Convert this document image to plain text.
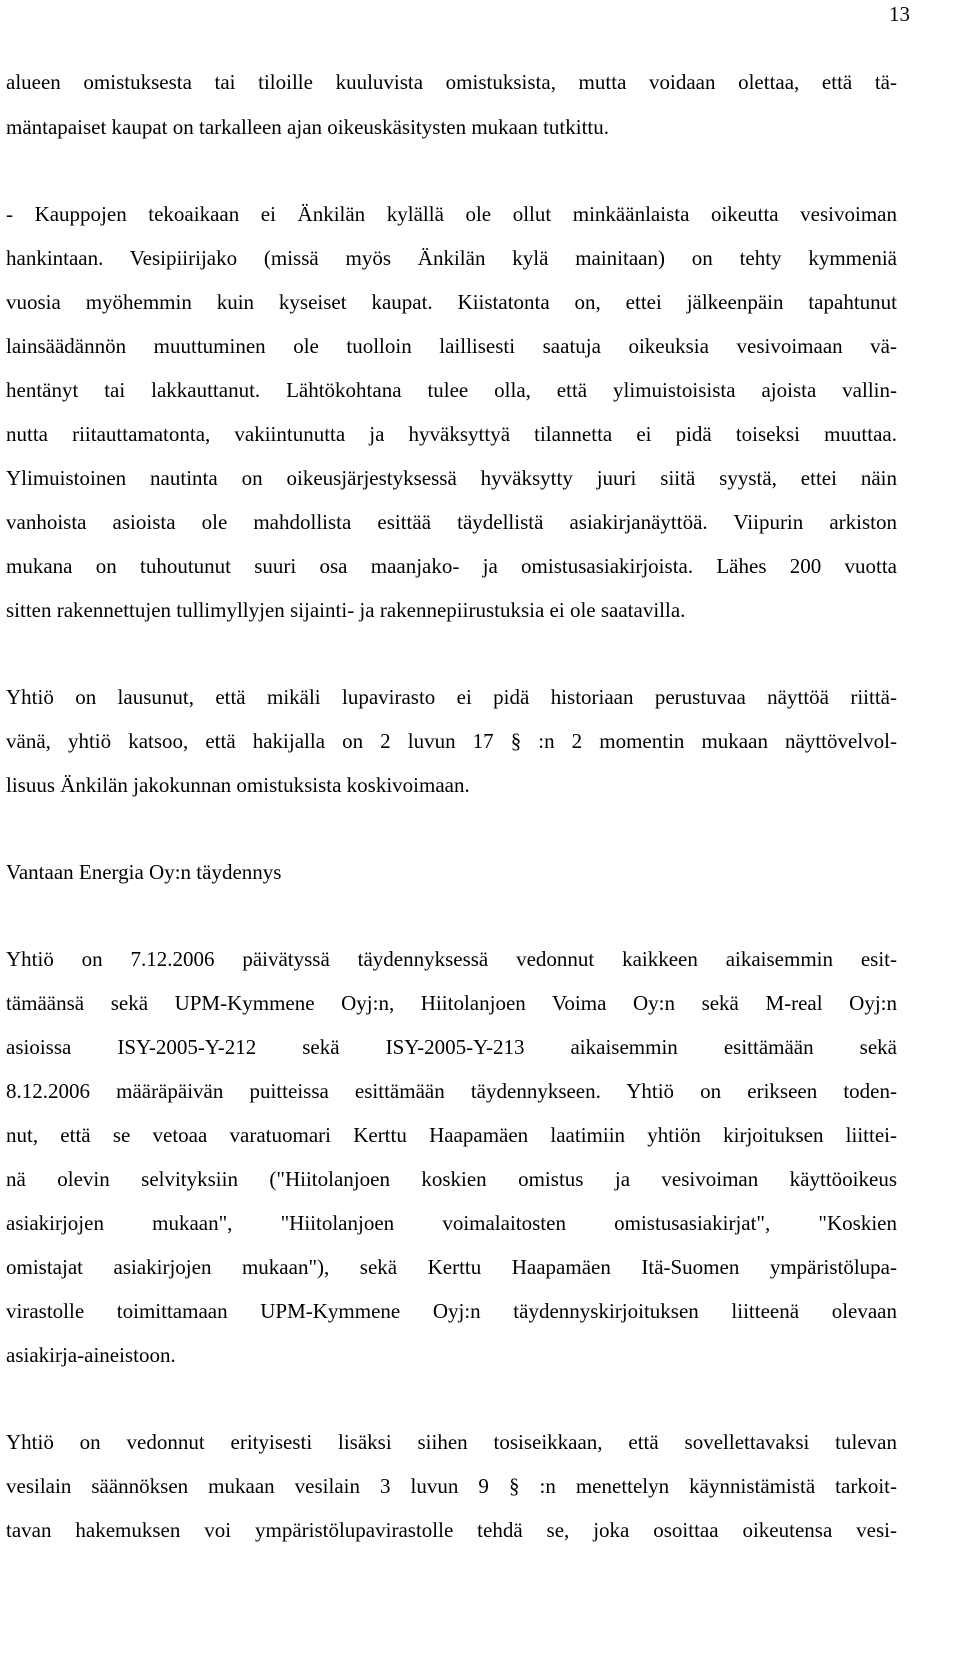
13
alueen omistuksesta tai tiloille kuuluvista omistuksista, mutta voidaan olettaa, että tä-
mäntapaiset kaupat on tarkalleen ajan oikeuskäsitysten mukaan tutkittu.
- Kauppojen tekoaikaan ei Änkilän kylällä ole ollut minkäänlaista oikeutta vesivoiman
hankintaan. Vesipiirijako (missä myös Änkilän kylä mainitaan) on tehty kymmeniä
vuosia myöhemmin kuin kyseiset kaupat. Kiistatonta on, ettei jälkeenpäin tapahtunut
lainsäädännön muuttuminen ole tuolloin laillisesti saatuja oikeuksia vesivoimaan vä-
hentänyt tai lakkauttanut. Lähtökohtana tulee olla, että ylimuistoisista ajoista vallin-
nutta riitauttamatonta, vakiintunutta ja hyväksyttyä tilannetta ei pidä toiseksi muuttaa.
Ylimuistoinen nautinta on oikeusjärjestyksessä hyväksytty juuri siitä syystä, ettei näin
vanhoista asioista ole mahdollista esittää täydellistä asiakirjanäyttöä. Viipurin arkiston
mukana on tuhoutunut suuri osa maanjako- ja omistusasiakirjoista. Lähes 200 vuotta
sitten rakennettujen tullimyllyjen sijainti- ja rakennepiirustuksia ei ole saatavilla.
Yhtiö on lausunut, että mikäli lupavirasto ei pidä historiaan perustuvaa näyttöä riittä-
vänä, yhtiö katsoo, että hakijalla on 2 luvun 17 § :n 2 momentin mukaan näyttövelvol-
lisuus Änkilän jakokunnan omistuksista koskivoimaan.
Vantaan Energia Oy:n täydennys
Yhtiö on 7.12.2006 päivätyssä täydennyksessä vedonnut kaikkeen aikaisemmin esit-
tämäänsä sekä UPM-Kymmene Oyj:n, Hiitolanjoen Voima Oy:n sekä M-real Oyj:n
asioissa ISY-2005-Y-212 sekä ISY-2005-Y-213 aikaisemmin esittämään sekä
8.12.2006 määräpäivän puitteissa esittämään täydennykseen. Yhtiö on erikseen toden-
nut, että se vetoaa varatuomari Kerttu Haapamäen laatimiin yhtiön kirjoituksen liittei-
nä olevin selvityksiin ("Hiitolanjoen koskien omistus ja vesivoiman käyttöoikeus
asiakirjojen mukaan", "Hiitolanjoen voimalaitosten omistusasiakirjat", "Koskien
omistajat asiakirjojen mukaan"), sekä Kerttu Haapamäen Itä-Suomen ympäristölupa-
virastolle toimittamaan UPM-Kymmene Oyj:n täydennyskirjoituksen liitteenä olevaan
asiakirja-aineistoon.
Yhtiö on vedonnut erityisesti lisäksi siihen tosiseikkaan, että sovellettavaksi tulevan
vesilain säännöksen mukaan vesilain 3 luvun 9 § :n menettelyn käynnistämistä tarkoit-
tavan hakemuksen voi ympäristölupavirastolle tehdä se, joka osoittaa oikeutensa vesi-
